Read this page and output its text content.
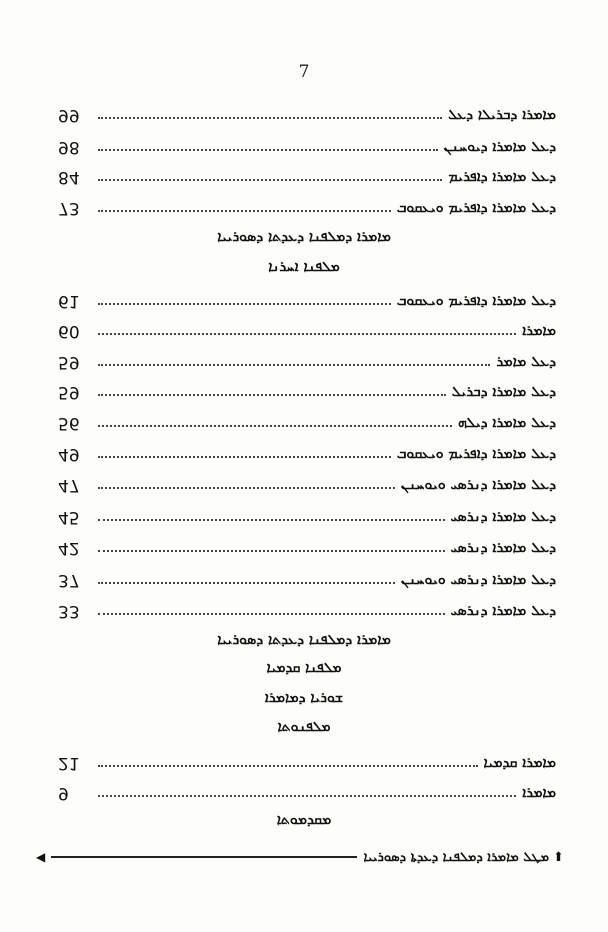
7
99	ܡܐܡܪܐ ܕܒܪܝܠܐ ܕܥܠ
98	ܕܥܠ ܡܐܡܪܐ ܕܝܘܚܢܢ
84	ܕܥܠ ܡܐܡܪܐ ܕܐܦܪܝܡ
73	ܕܥܠ ܡܐܡܪܐ ܕܐܦܪܝܡ ܘܝܥܩܘܒ
ܡܐܡܪܐ ܕܡܠܦܢܐ ܕܥܕܬܐ ܕܣܘܪܝܝܐ
ܡܠܦܢܐ ܐܚܪܢܐ
61	ܕܥܠ ܡܐܡܪܐ ܕܐܦܪܝܡ ܘܝܥܩܘܒ
60	ܡܐܡܪܐ
59	ܕܥܠ ܡܐܡܪ
59	ܕܥܠ ܡܐܡܪܐ ܕܒܪܝܠ
56	ܕܥܠ ܡܐܡܪܐ ܕܝܠܗ
49	ܕܥܠ ܡܐܡܪܐ ܕܐܦܪܝܡ ܘܝܥܩܘܒ
47	ܕܥܠ ܡܐܡܪܐ ܕܢܪܣܝ ܘܝܘܚܢܢ
45	ܕܥܠ ܡܐܡܪܐ ܕܢܪܣܝ
42	ܕܥܠ ܡܐܡܪܐ ܕܢܪܣܝ
37	ܕܥܠ ܡܐܡܪܐ ܕܢܪܣܝ ܘܝܘܚܢܢ
33	ܕܥܠ ܡܐܡܪܐ ܕܢܪܣܝ
ܡܐܡܪܐ ܕܡܠܦܢܐ ܕܥܕܬܐ ܕܣܘܪܝܝܐ
ܡܠܦܢܐ ܩܕܡܝܐ
ܫܘܪܝܐ ܕܡܐܡܪܐ
ܡܠܦܢܘܬܐ
21	ܡܐܡܪܐ ܩܕܡܝܐ
9	ܡܐܡܪܐ
ܡܩܕܡܘܬܐ
◀	ܡܛܠ ܡܐܡܪܐ ܕܡܠܦܢܐ ܕܥܕܬܐ ܕܣܘܪܝܝܐ ⬆
